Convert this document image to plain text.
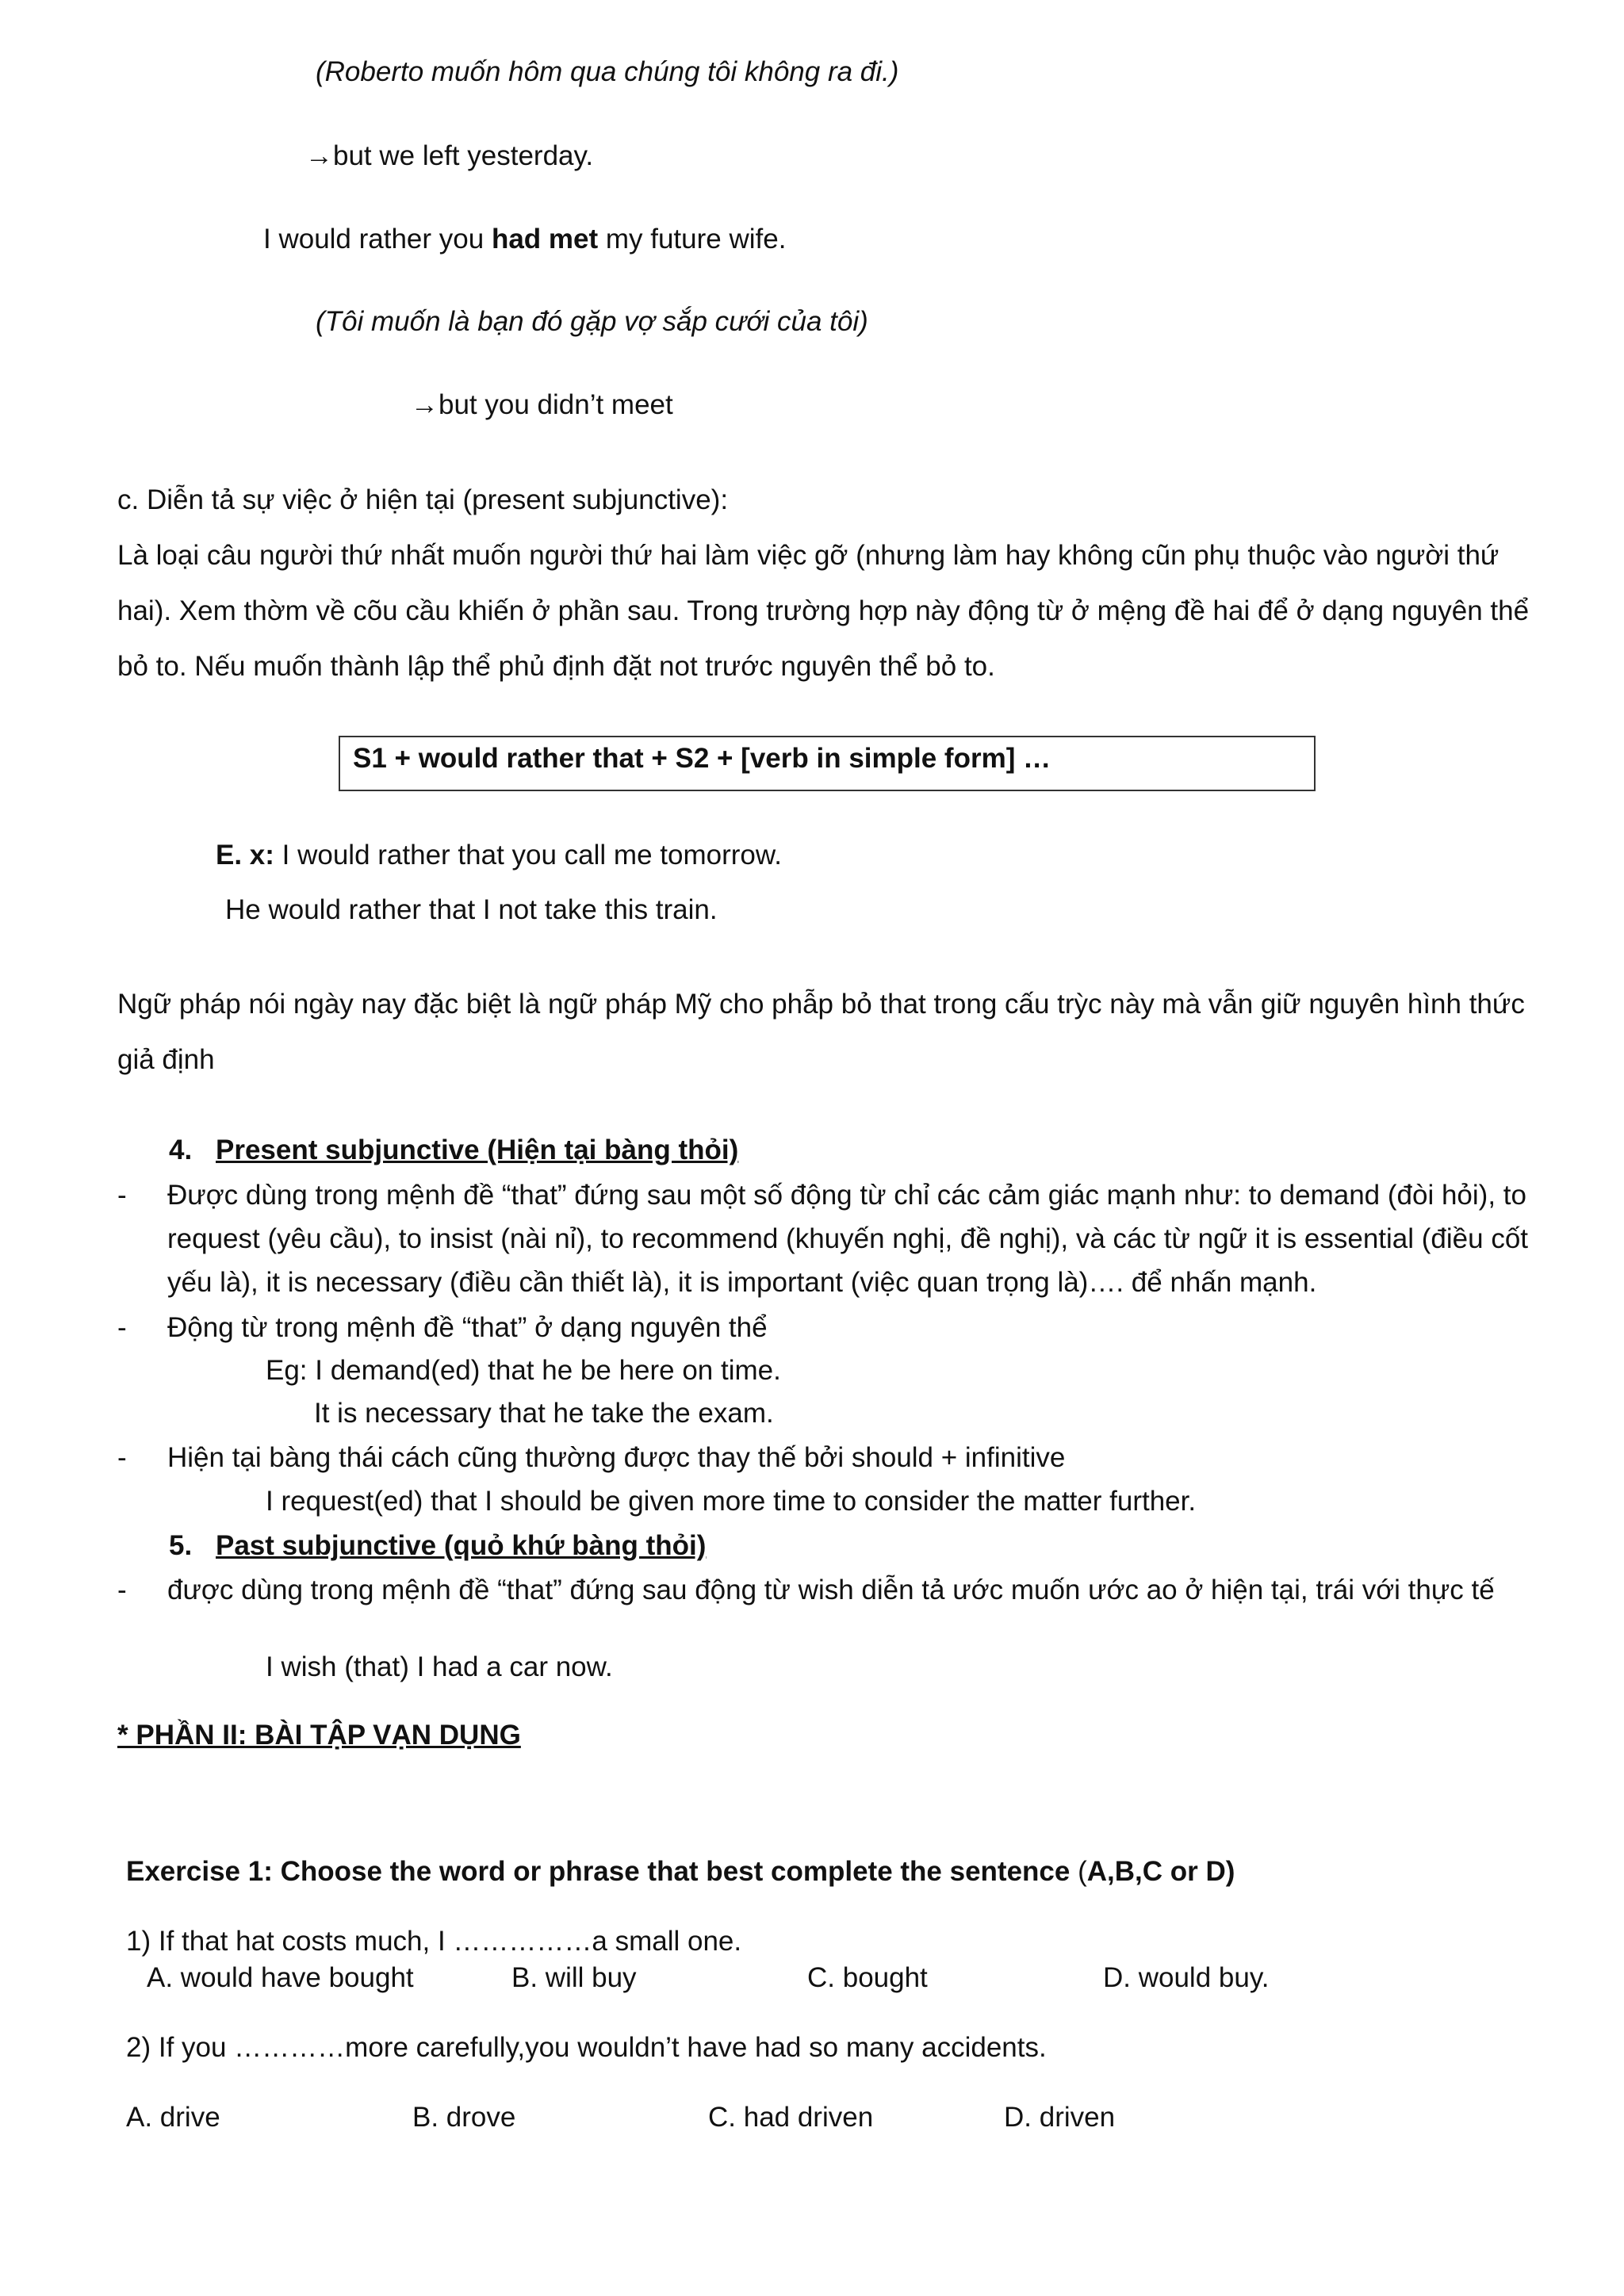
(Roberto muốn hôm qua chúng tôi không ra đi.)
→but we left yesterday.
I would rather you had met my future wife.
(Tôi muốn là bạn đó gặp vợ sắp cưới của tôi)
→but you didn’t meet
c. Diễn tả sự việc ở hiện tại (present subjunctive):
Là loại câu người thứ nhất muốn người thứ hai làm việc gỡ (nhưng làm hay không cũn phụ thuộc vào người thứ
hai). Xem thờm về cõu cầu khiến ở phần sau. Trong trường hợp này động từ ở mệng đề hai để ở dạng nguyên thể
bỏ to. Nếu muốn thành lập thể phủ định đặt not trước nguyên thể bỏ to.
S1 + would rather that + S2 + [verb in simple form] …
E. x: I would rather that you call me tomorrow.
He would rather that I not take this train.
Ngữ pháp nói ngày nay đặc biệt là ngữ pháp Mỹ cho phẫp bỏ that trong cấu trỳc này mà vẫn giữ nguyên hình thức
giả định
4. Present subjunctive (Hiện tại bàng thỏi)
- Được dùng trong mệnh đề “that” đứng sau một số động từ chỉ các cảm giác mạnh như: to demand (đòi hỏi), to
request (yêu cầu), to insist (nài nỉ), to recommend (khuyến nghị, đề nghị), và các từ ngữ it is essential (điều cốt
yếu là), it is necessary (điều cần thiết là), it is important (việc quan trọng là)…. để nhấn mạnh.
- Động từ trong mệnh đề “that” ở dạng nguyên thể
Eg: I demand(ed) that he be here on time.
It is necessary that he take the exam.
- Hiện tại bàng thái cách cũng thường được thay thế bởi should + infinitive
I request(ed) that I should be given more time to consider the matter further.
5. Past subjunctive (quỏ khứ bàng thỏi)
- được dùng trong mệnh đề “that” đứng sau động từ wish diễn tả ước muốn ước ao ở hiện tại, trái với thực tế
I wish (that) I had a car now.
* PHẦN II: BÀI TẬP VẠN DỤNG
Exercise 1: Choose the word or phrase that best complete the sentence (A,B,C or D)
1) If that hat costs much, I ……………a small one.
A. would have bought	B. will buy	C. bought	D. would buy.
2) If you …………more carefully,you wouldn’t have had so many accidents.
A. drive	B. drove	C. had driven	D. driven
